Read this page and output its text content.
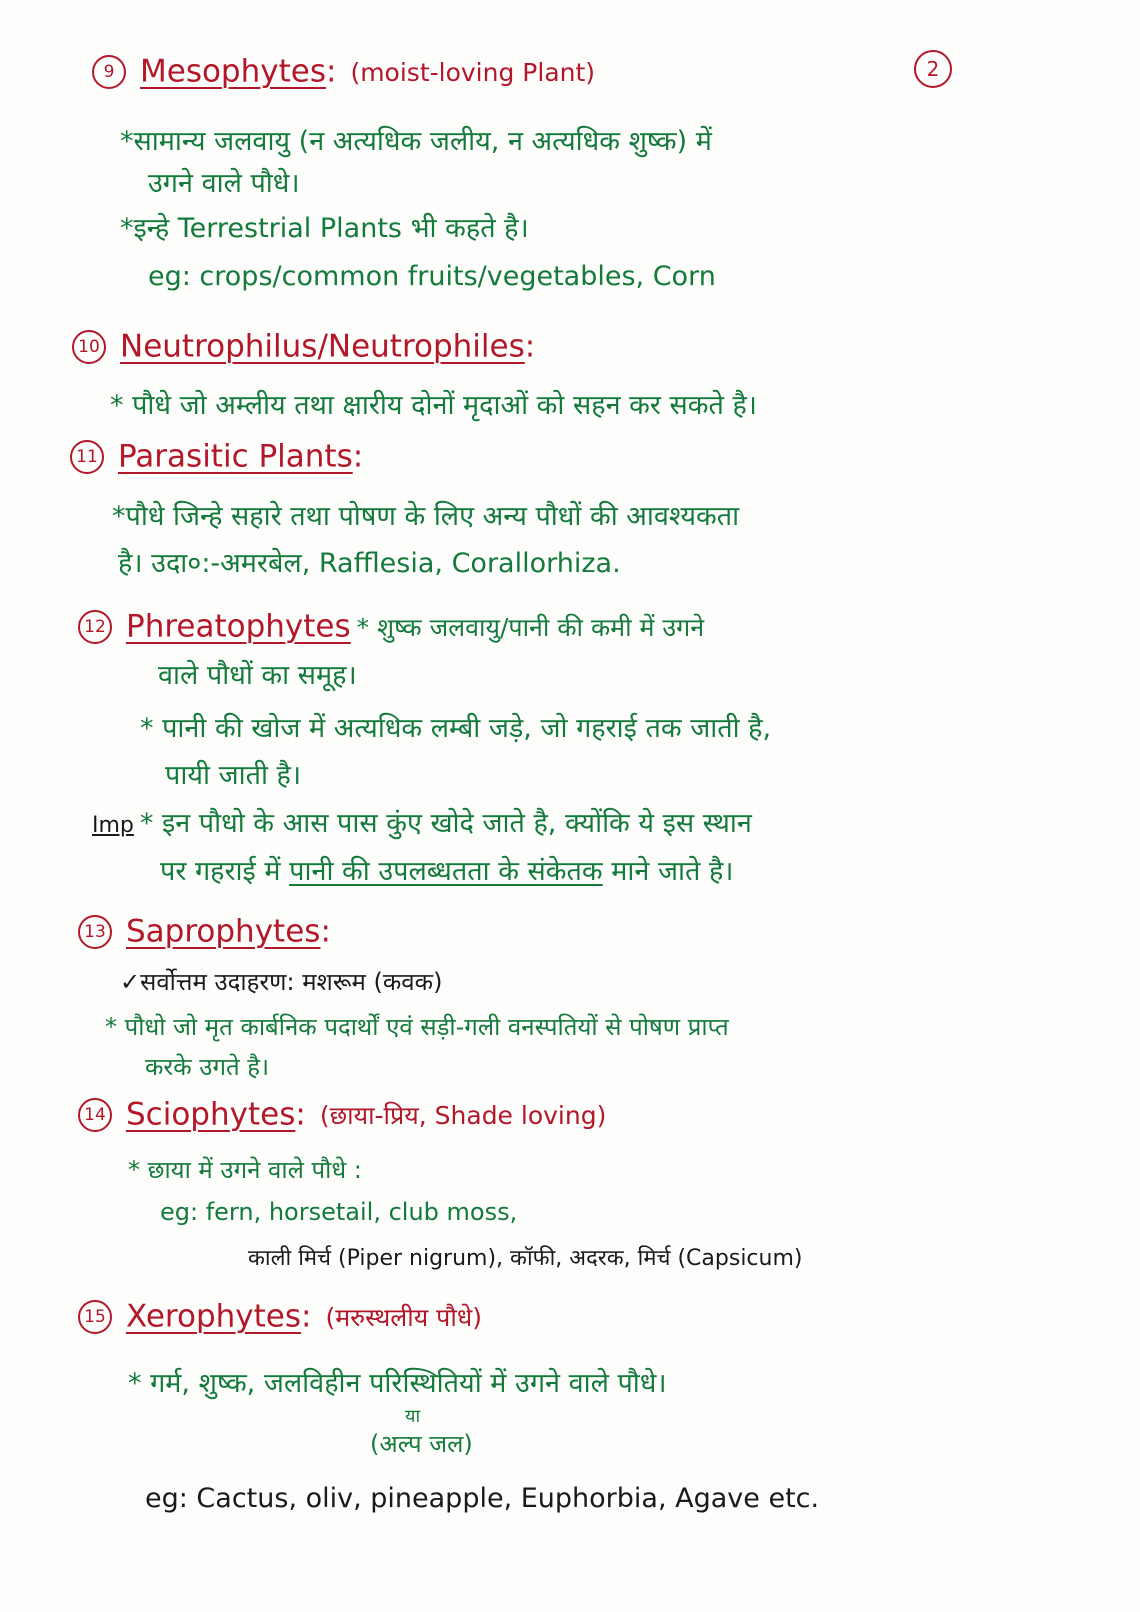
2
9 Mesophytes: (moist-loving Plant)
*सामान्य जलवायु (न अत्यधिक जलीय, न अत्यधिक शुष्क) में
उगने वाले पौधे।
*इन्हे Terrestrial Plants भी कहते है।
eg: crops/common fruits/vegetables, Corn
10 Neutrophilus/Neutrophiles:
* पौधे जो अम्लीय तथा क्षारीय दोनों मृदाओं को सहन कर सकते है।
11 Parasitic Plants:
*पौधे जिन्हे सहारे तथा पोषण के लिए अन्य पौधों की आवश्यकता
है। उदा०:-अमरबेल, Rafflesia, Corallorhiza.
12 Phreatophytes * शुष्क जलवायु/पानी की कमी में उगने
वाले पौधों का समूह।
* पानी की खोज में अत्यधिक लम्बी जड़े, जो गहराई तक जाती है,
पायी जाती है।
Imp * इन पौधो के आस पास कुंए खोदे जाते है, क्योंकि ये इस स्थान
पर गहराई में पानी की उपलब्धतता के संकेतक माने जाते है।
13 Saprophytes:
✓सर्वोत्तम उदाहरण: मशरूम (कवक)
* पौधो जो मृत कार्बनिक पदार्थों एवं सड़ी-गली वनस्पतियों से पोषण प्राप्त
करके उगते है।
14 Sciophytes: (छाया-प्रिय, Shade loving)
* छाया में उगने वाले पौधे :
eg: fern, horsetail, club moss,
काली मिर्च (Piper nigrum), कॉफी, अदरक, मिर्च (Capsicum)
15 Xerophytes: (मरुस्थलीय पौधे)
* गर्म, शुष्क, जलविहीन परिस्थितियों में उगने वाले पौधे।
या
(अल्प जल)
eg: Cactus, oliv, pineapple, Euphorbia, Agave etc.
